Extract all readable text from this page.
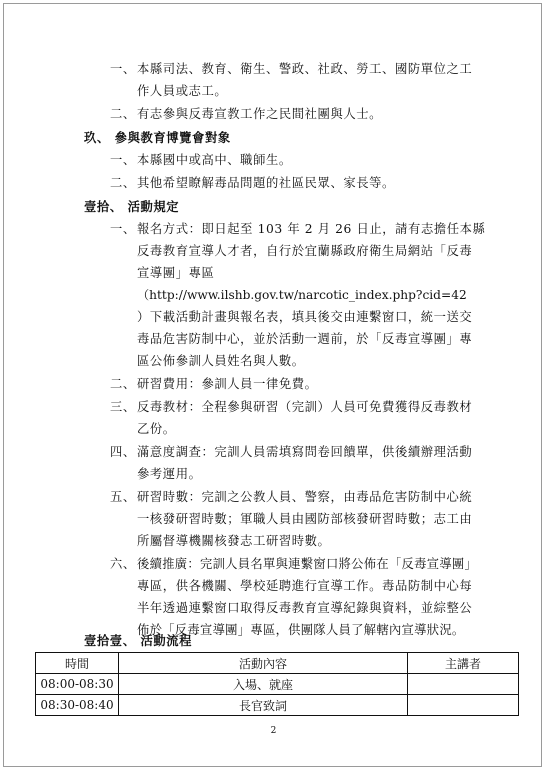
一、 本縣司法、教育、衛生、警政、社政、勞工、國防單位之工
作人員或志工。
二、 有志參與反毒宣教工作之民間社團與人士。
玖、 參與教育博覽會對象
一、 本縣國中或高中、職師生。
二、 其他希望瞭解毒品問題的社區民眾、家長等。
壹拾、 活動規定
一、 報名方式：即日起至 103 年 2 月 26 日止，請有志擔任本縣
反毒教育宣導人才者，自行於宜蘭縣政府衛生局網站「反毒
宣導團」專區
（http://www.ilshb.gov.tw/narcotic_index.php?cid=42
）下載活動計畫與報名表，填具後交由連繫窗口，統一送交
毒品危害防制中心，並於活動一週前，於「反毒宣導團」專
區公佈參訓人員姓名與人數。
二、 研習費用：參訓人員一律免費。
三、 反毒教材：全程參與研習（完訓）人員可免費獲得反毒教材
乙份。
四、 滿意度調查：完訓人員需填寫問卷回饋單，供後續辦理活動
參考運用。
五、 研習時數：完訓之公教人員、警察，由毒品危害防制中心統
一核發研習時數；軍職人員由國防部核發研習時數；志工由
所屬督導機關核發志工研習時數。
六、 後續推廣：完訓人員名單與連繫窗口將公佈在「反毒宣導團」
專區，供各機關、學校延聘進行宣導工作。毒品防制中心每
半年透過連繫窗口取得反毒教育宣導紀錄與資料，並綜整公
佈於「反毒宣導團」專區，供團隊人員了解轄內宣導狀況。
壹拾壹、 活動流程
時間	活動內容	主講者
08:00-08:30	入場、就座	
08:30-08:40	長官致詞	
2
